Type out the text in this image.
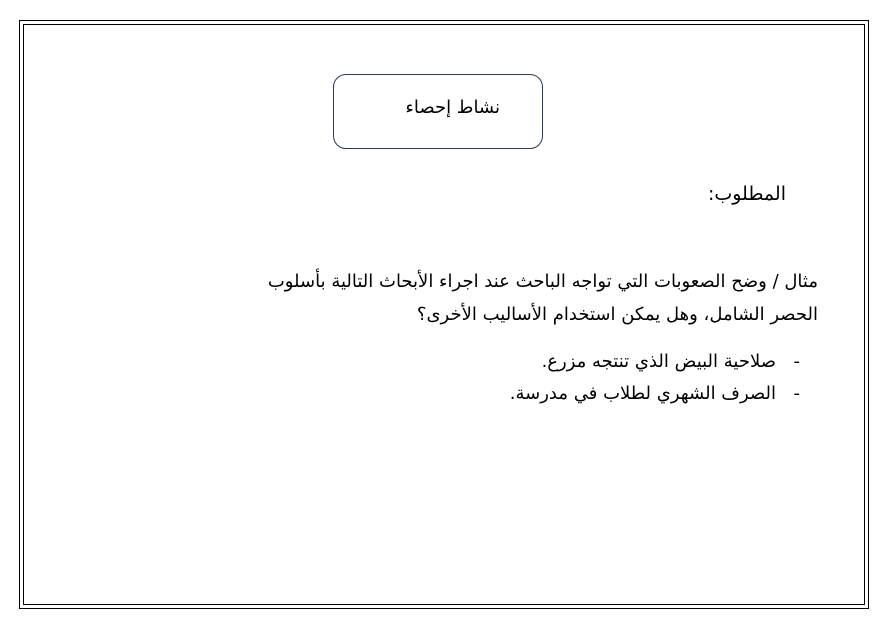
نشاط إحصاء
المطلوب:
مثال / وضح الصعوبات التي تواجه الباحث عند اجراء الأبحاث التالية بأسلوب
الحصر الشامل، وهل يمكن استخدام الأساليب الأخرى؟
-
صلاحية البيض الذي تنتجه مزرع.
-
الصرف الشهري لطلاب في مدرسة.
